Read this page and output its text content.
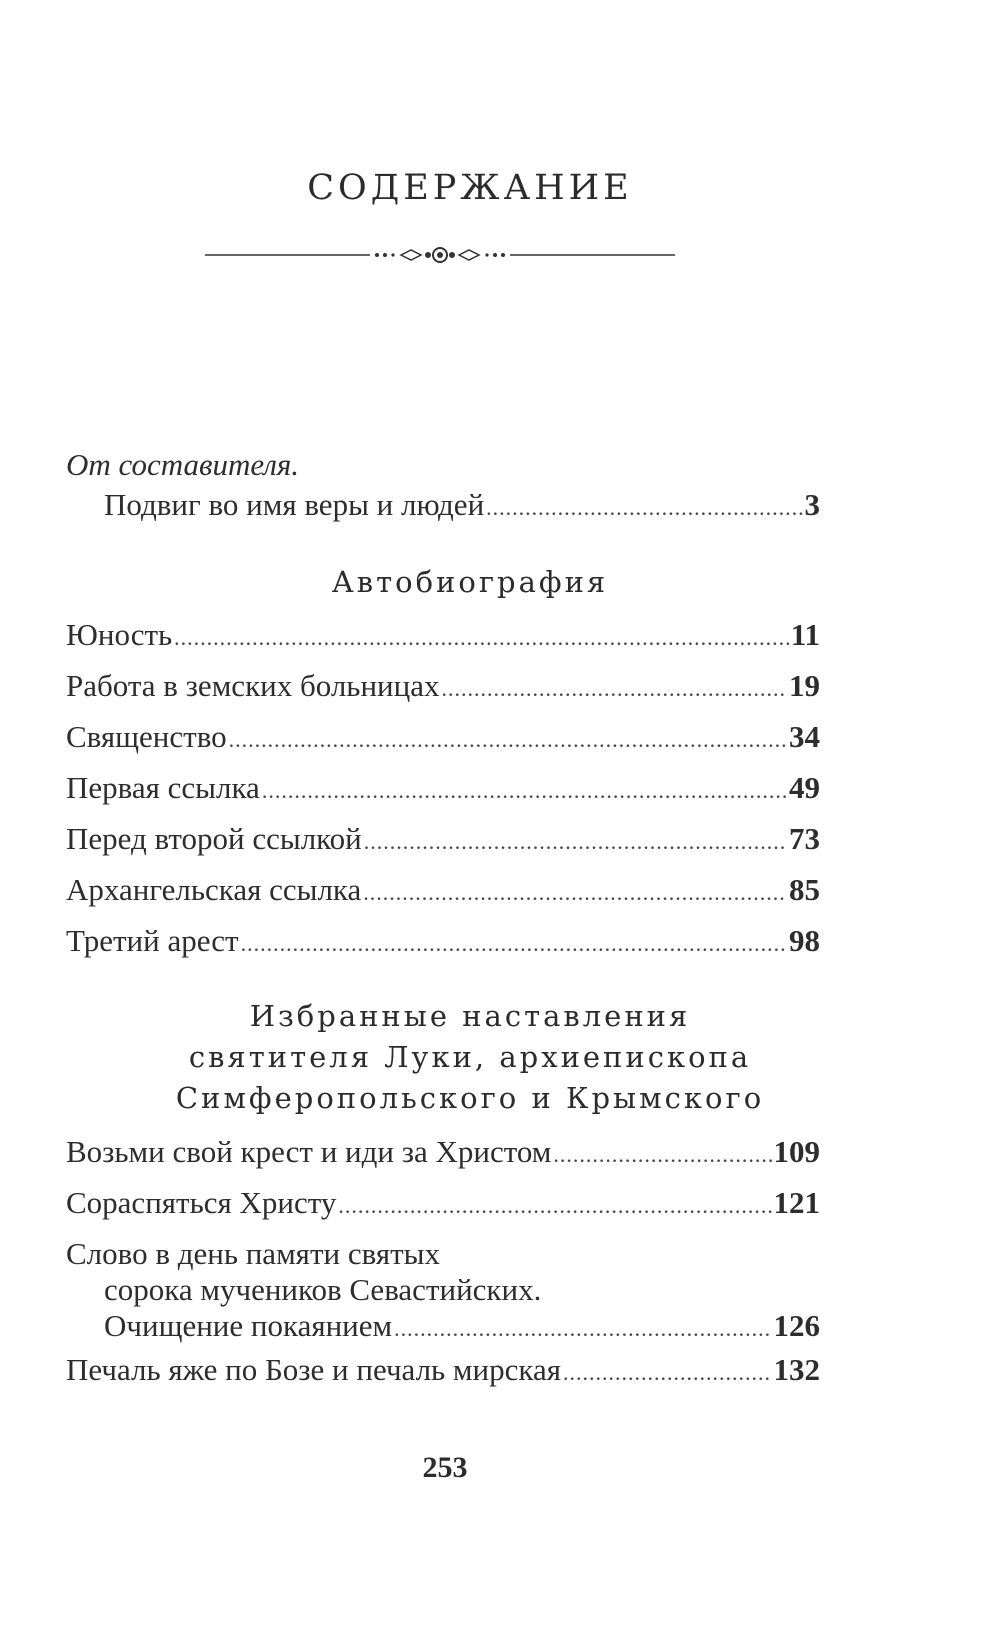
СОДЕРЖАНИЕ
От составителя.
Подвиг во имя веры и людей .....	3
Автобиография
Юность .....	11
Работа в земских больницах .....	19
Священство .....	34
Первая ссылка .....	49
Перед второй ссылкой .....	73
Архангельская ссылка .....	85
Третий арест .....	98
Избранные наставления
святителя Луки, архиепископа
Симферопольского и Крымского
Возьми свой крест и иди за Христом .....	109
Сораспяться Христу .....	121
Слово в день памяти святых
сорока мучеников Севастийских.
Очищение покаянием .....	126
Печаль яже по Бозе и печаль мирская .....	132
253
